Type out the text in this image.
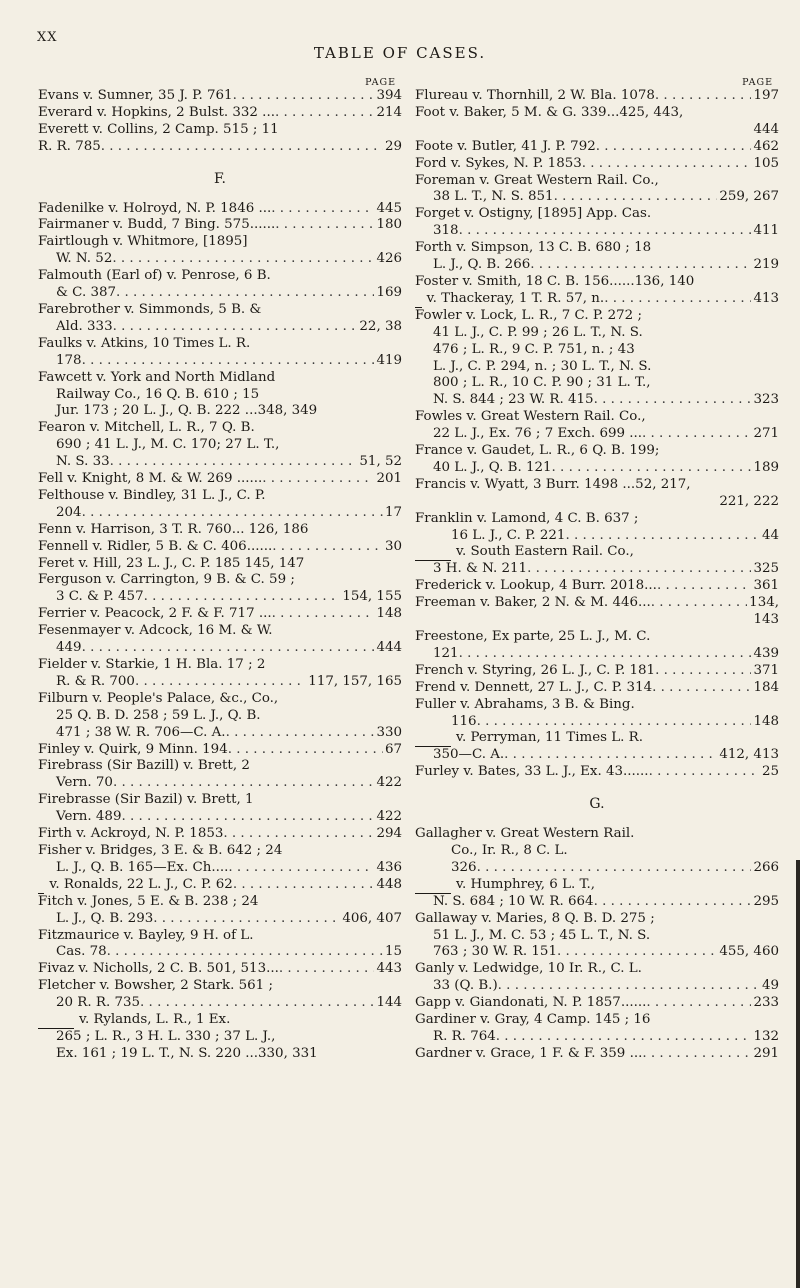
XX
TABLE OF CASES.
PAGE
Evans v. Sumner, 35 J. P. 761 . . .	394
Everard v. Hopkins, 2 Bulst. 332 ... . . .	214
Everett v. Collins, 2 Camp. 515 ; 11
R. R. 785 . . .	29
F.
Fadenilke v. Holroyd, N. P. 1846 ... . . .	445
Fairmaner v. Budd, 7 Bing. 575...... . . .	180
Fairtlough v. Whitmore, [1895]
W. N. 52 . . .	426
Falmouth (Earl of) v. Penrose, 6 B.
& C. 387 . . .	169
Farebrother v. Simmonds, 5 B. &
Ald. 333 . . .	22, 38
Faulks v. Atkins, 10 Times L. R.
178 . . .	419
Fawcett v. York and North Midland
Railway Co., 16 Q. B. 610 ; 15
Jur. 173 ; 20 L. J., Q. B. 222 ...348, 349
Fearon v. Mitchell, L. R., 7 Q. B.
690 ; 41 L. J., M. C. 170; 27 L. T.,
N. S. 33 . . .	51, 52
Fell v. Knight, 8 M. & W. 269 ...... . . .	201
Felthouse v. Bindley, 31 L. J., C. P.
204 . . .	17
Fenn v. Harrison, 3 T. R. 760... 126, 186
Fennell v. Ridler, 5 B. & C. 406...... . . .	30
Feret v. Hill, 23 L. J., C. P. 185 145, 147
Ferguson v. Carrington, 9 B. & C. 59 ;
3 C. & P. 457 . . .	154, 155
Ferrier v. Peacock, 2 F. & F. 717 ... . . .	148
Fesenmayer v. Adcock, 16 M. & W.
449 . . .	444
Fielder v. Starkie, 1 H. Bla. 17 ; 2
R. & R. 700 . . .	117, 157, 165
Filburn v. People's Palace, &c., Co.,
25 Q. B. D. 258 ; 59 L. J., Q. B.
471 ; 38 W. R. 706—C. A. . . .	330
Finley v. Quirk, 9 Minn. 194 . . .	67
Firebrass (Sir Bazill) v. Brett, 2
Vern. 70 . . .	422
Firebrasse (Sir Bazil) v. Brett, 1
Vern. 489 . . .	422
Firth v. Ackroyd, N. P. 1853 . . .	294
Fisher v. Bridges, 3 E. & B. 642 ; 24
L. J., Q. B. 165—Ex. Ch.... . . .	436
v. Ronalds, 22 L. J., C. P. 62 . . .	448
Fitch v. Jones, 5 E. & B. 238 ; 24
L. J., Q. B. 293 . . .	406, 407
Fitzmaurice v. Bayley, 9 H. of L.
Cas. 78 . . .	15
Fivaz v. Nicholls, 2 C. B. 501, 513... . . .	443
Fletcher v. Bowsher, 2 Stark. 561 ;
20 R. R. 735 . . .	144
v. Rylands, L. R., 1 Ex.
265 ; L. R., 3 H. L. 330 ; 37 L. J.,
Ex. 161 ; 19 L. T., N. S. 220 ...330, 331
PAGE
Flureau v. Thornhill, 2 W. Bla. 1078 . . .	197
Foot v. Baker, 5 M. & G. 339...425, 443,
444
Foote v. Butler, 41 J. P. 792 . . .	462
Ford v. Sykes, N. P. 1853 . . .	105
Foreman v. Great Western Rail. Co.,
38 L. T., N. S. 851 . . .	259, 267
Forget v. Ostigny, [1895] App. Cas.
318 . . .	411
Forth v. Simpson, 13 C. B. 680 ; 18
L. J., Q. B. 266 . . .	219
Foster v. Smith, 18 C. B. 156......136, 140
v. Thackeray, 1 T. R. 57, n. . . .	413
Fowler v. Lock, L. R., 7 C. P. 272 ;
41 L. J., C. P. 99 ; 26 L. T., N. S.
476 ; L. R., 9 C. P. 751, n. ; 43
L. J., C. P. 294, n. ; 30 L. T., N. S.
800 ; L. R., 10 C. P. 90 ; 31 L. T.,
N. S. 844 ; 23 W. R. 415 . . .	323
Fowles v. Great Western Rail. Co.,
22 L. J., Ex. 76 ; 7 Exch. 699 ... . . .	271
France v. Gaudet, L. R., 6 Q. B. 199;
40 L. J., Q. B. 121 . . .	189
Francis v. Wyatt, 3 Burr. 1498 ...52, 217,
221, 222
Franklin v. Lamond, 4 C. B. 637 ;
16 L. J., C. P. 221 . . .	44
v. South Eastern Rail. Co.,
3 H. & N. 211 . . .	325
Frederick v. Lookup, 4 Burr. 2018... . . .	361
Freeman v. Baker, 2 N. & M. 446... . . .	134,
143
Freestone, Ex parte, 25 L. J., M. C.
121 . . .	439
French v. Styring, 26 L. J., C. P. 181 . . .	371
Frend v. Dennett, 27 L. J., C. P. 314 . . .	184
Fuller v. Abrahams, 3 B. & Bing.
116 . . .	148
v. Perryman, 11 Times L. R.
350—C. A. . . .	412, 413
Furley v. Bates, 33 L. J., Ex. 43...... . . .	25
G.
Gallagher v. Great Western Rail.
Co., Ir. R., 8 C. L.
326 . . .	266
v. Humphrey, 6 L. T.,
N. S. 684 ; 10 W. R. 664 . . .	295
Gallaway v. Maries, 8 Q. B. D. 275 ;
51 L. J., M. C. 53 ; 45 L. T., N. S.
763 ; 30 W. R. 151 . . .	455, 460
Ganly v. Ledwidge, 10 Ir. R., C. L.
33 (Q. B.) . . .	49
Gapp v. Giandonati, N. P. 1857...... . . .	233
Gardiner v. Gray, 4 Camp. 145 ; 16
R. R. 764 . . .	132
Gardner v. Grace, 1 F. & F. 359 ... . . .	291
